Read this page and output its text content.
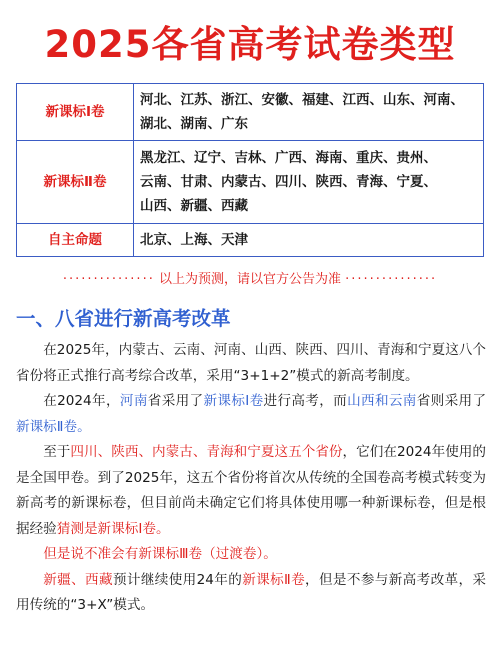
2025各省高考试卷类型
新课标Ⅰ卷	河北、江苏、浙江、安徽、福建、江西、山东、河南、
湖北、湖南、广东

新课标Ⅱ卷	黑龙江、辽宁、吉林、广西、海南、重庆、贵州、
云南、甘肃、内蒙古、四川、陕西、青海、宁夏、
山西、新疆、西藏

自主命题	北京、上海、天津
··············· 以上为预测，请以官方公告为准 ···············
一、八省进行新高考改革

在2025年，内蒙古、云南、河南、山西、陕西、四川、青海和宁夏这八个省份将正式推行高考综合改革，采用“3+1+2”模式的新高考制度。

在2024年，河南省采用了新课标Ⅰ卷进行高考，而山西和云南省则采用了新课标Ⅱ卷。

至于四川、陕西、内蒙古、青海和宁夏这五个省份，它们在2024年使用的是全国甲卷。到了2025年，这五个省份将首次从传统的全国卷高考模式转变为新高考的新课标卷，但目前尚未确定它们将具体使用哪一种新课标卷，但是根据经验猜测是新课标Ⅰ卷。

但是说不准会有新课标Ⅲ卷（过渡卷）。

新疆、西藏预计继续使用24年的新课标Ⅱ卷，但是不参与新高考改革，采用传统的“3+X”模式。
